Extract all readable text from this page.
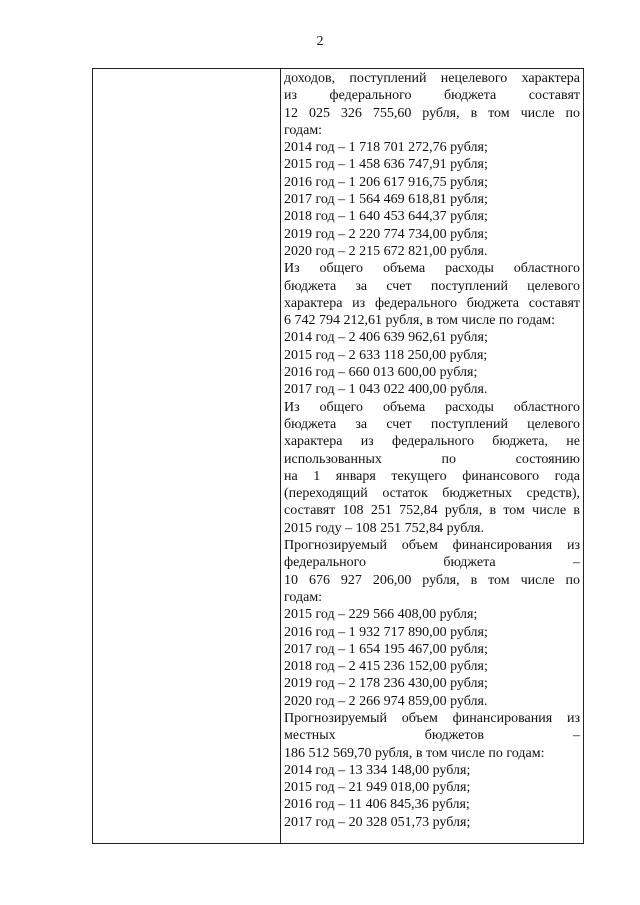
2
доходов, поступлений нецелевого характера
из федерального бюджета составят
12 025 326 755,60 рубля, в том числе по
годам:
2014 год – 1 718 701 272,76 рубля;
2015 год – 1 458 636 747,91 рубля;
2016 год – 1 206 617 916,75 рубля;
2017 год – 1 564 469 618,81 рубля;
2018 год – 1 640 453 644,37 рубля;
2019 год – 2 220 774 734,00 рубля;
2020 год – 2 215 672 821,00 рубля.
Из общего объема расходы областного
бюджета за счет поступлений целевого
характера из федерального бюджета составят
6 742 794 212,61 рубля, в том числе по годам:
2014 год – 2 406 639 962,61 рубля;
2015 год – 2 633 118 250,00 рубля;
2016 год – 660 013 600,00 рубля;
2017 год – 1 043 022 400,00 рубля.
Из общего объема расходы областного
бюджета за счет поступлений целевого
характера из федерального бюджета, не
использованных по состоянию
на 1 января текущего финансового года
(переходящий остаток бюджетных средств),
составят 108 251 752,84 рубля, в том числе в
2015 году – 108 251 752,84 рубля.
Прогнозируемый объем финансирования из
федерального бюджета –
10 676 927 206,00 рубля, в том числе по
годам:
2015 год – 229 566 408,00 рубля;
2016 год – 1 932 717 890,00 рубля;
2017 год – 1 654 195 467,00 рубля;
2018 год – 2 415 236 152,00 рубля;
2019 год – 2 178 236 430,00 рубля;
2020 год – 2 266 974 859,00 рубля.
Прогнозируемый объем финансирования из
местных бюджетов –
186 512 569,70 рубля, в том числе по годам:
2014 год – 13 334 148,00 рубля;
2015 год – 21 949 018,00 рубля;
2016 год – 11 406 845,36 рубля;
2017 год – 20 328 051,73 рубля;
